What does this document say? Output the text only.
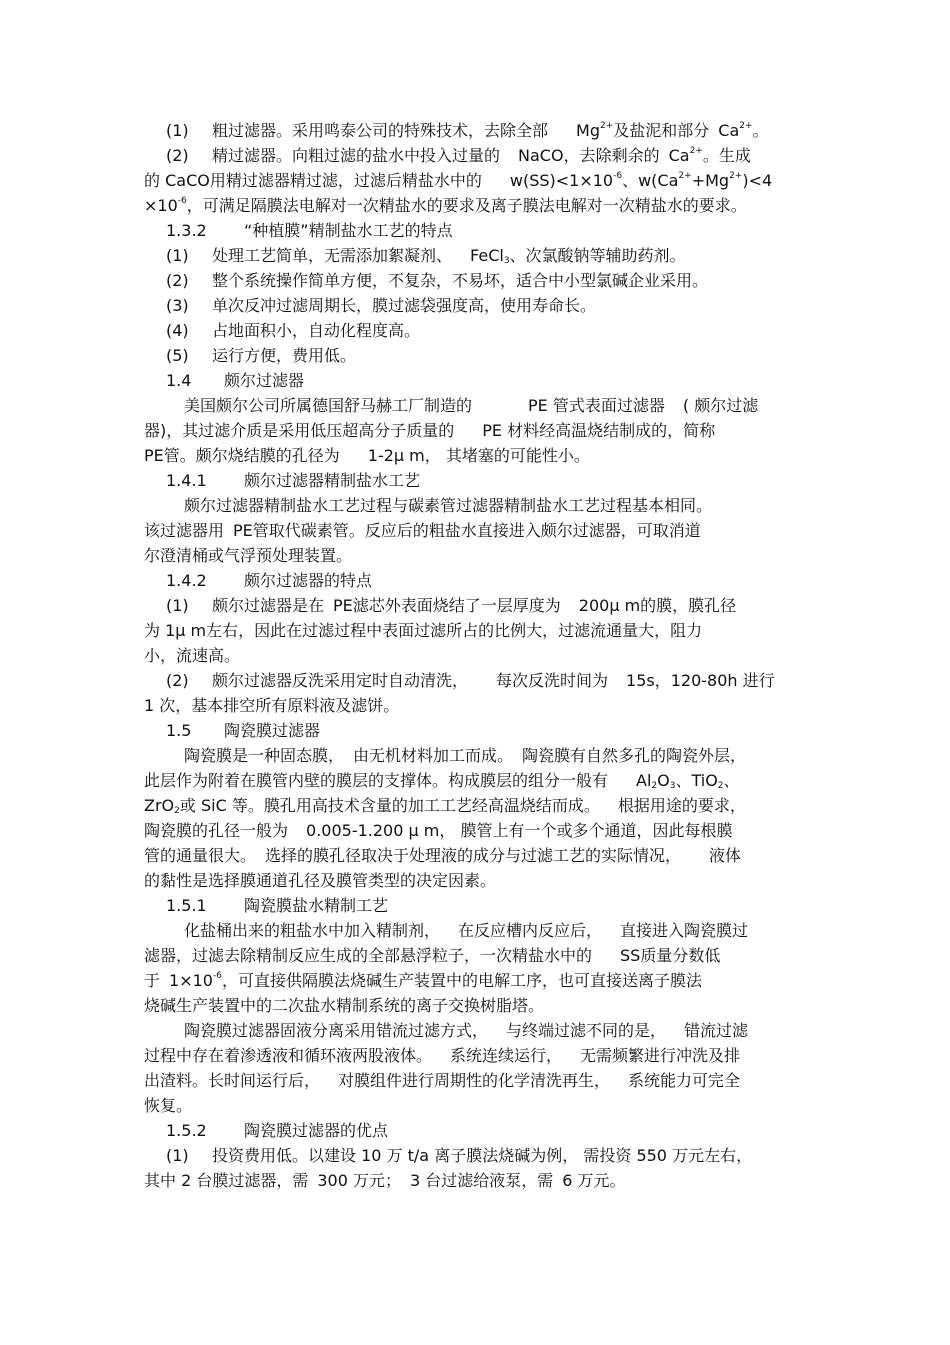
(1) 粗过滤器。采用鸣泰公司的特殊技术，去除全部 $Mg^{2+}$及盐泥和部分 $Ca^{2+}$。
(2) 精过滤器。向粗过滤的盐水中投入过量的 NaCO，去除剩余的 $Ca^{2+}$。生成
的 CaCO用精过滤器精过滤，过滤后精盐水中的 $w(SS)<1\times 10^{-6}$、$w(Ca^{2+}+Mg^{2+})<4$
$\times 10^{-6}$，可满足隔膜法电解对一次精盐水的要求及离子膜法电解对一次精盐水的要求。
1.3.2 “种植膜”精制盐水工艺的特点
(1) 处理工艺简单，无需添加絮凝剂、 FeCl$_3$、次氯酸钠等辅助药剂。
(2) 整个系统操作简单方便，不复杂，不易坏，适合中小型氯碱企业采用。
(3) 单次反冲过滤周期长，膜过滤袋强度高，使用寿命长。
(4) 占地面积小，自动化程度高。
(5) 运行方便，费用低。
1.4 颇尔过滤器
美国颇尔公司所属德国舒马赫工厂制造的	PE 管式表面过滤器 ( 颇尔过滤
器)，其过滤介质是采用低压超高分子质量的 PE 材料经高温烧结制成的，简称
PE管。颇尔烧结膜的孔径为 1-2μ m， 其堵塞的可能性小。
1.4.1 颇尔过滤器精制盐水工艺
颇尔过滤器精制盐水工艺过程与碳素管过滤器精制盐水工艺过程基本相同。
该过滤器用 PE管取代碳素管。反应后的粗盐水直接进入颇尔过滤器，可取消道
尔澄清桶或气浮预处理装置。
1.4.2 颇尔过滤器的特点
(1) 颇尔过滤器是在 PE滤芯外表面烧结了一层厚度为 200μ m的膜，膜孔径
为 1μ m左右，因此在过滤过程中表面过滤所占的比例大，过滤流通量大，阻力
小，流速高。
(2) 颇尔过滤器反洗采用定时自动清洗， 每次反洗时间为 15s，120-80h 进行
1 次，基本排空所有原料液及滤饼。
1.5 陶瓷膜过滤器
陶瓷膜是一种固态膜， 由无机材料加工而成。 陶瓷膜有自然多孔的陶瓷外层，
此层作为附着在膜管内壁的膜层的支撑体。构成膜层的组分一般有 $Al_2O_3$、TiO$_2$、
ZrO$_2$或 SiC 等。膜孔用高技术含量的加工工艺经高温烧结而成。 根据用途的要求，
陶瓷膜的孔径一般为 0.005-1.200 μ m， 膜管上有一个或多个通道，因此每根膜
管的通量很大。 选择的膜孔径取决于处理液的成分与过滤工艺的实际情况， 液体
的黏性是选择膜通道孔径及膜管类型的决定因素。
1.5.1 陶瓷膜盐水精制工艺
化盐桶出来的粗盐水中加入精制剂， 在反应槽内反应后， 直接进入陶瓷膜过
滤器，过滤去除精制反应生成的全部悬浮粒子，一次精盐水中的 SS质量分数低
于 $1\times 10^{-6}$，可直接供隔膜法烧碱生产装置中的电解工序，也可直接送离子膜法
烧碱生产装置中的二次盐水精制系统的离子交换树脂塔。
陶瓷膜过滤器固液分离采用错流过滤方式， 与终端过滤不同的是， 错流过滤
过程中存在着渗透液和循环液两股液体。 系统连续运行， 无需频繁进行冲洗及排
出渣料。长时间运行后， 对膜组件进行周期性的化学清洗再生， 系统能力可完全
恢复。
1.5.2 陶瓷膜过滤器的优点
(1) 投资费用低。以建设 10 万 t/a 离子膜法烧碱为例， 需投资 550 万元左右，
其中 2 台膜过滤器，需 300 万元； 3 台过滤给液泵，需 6 万元。
